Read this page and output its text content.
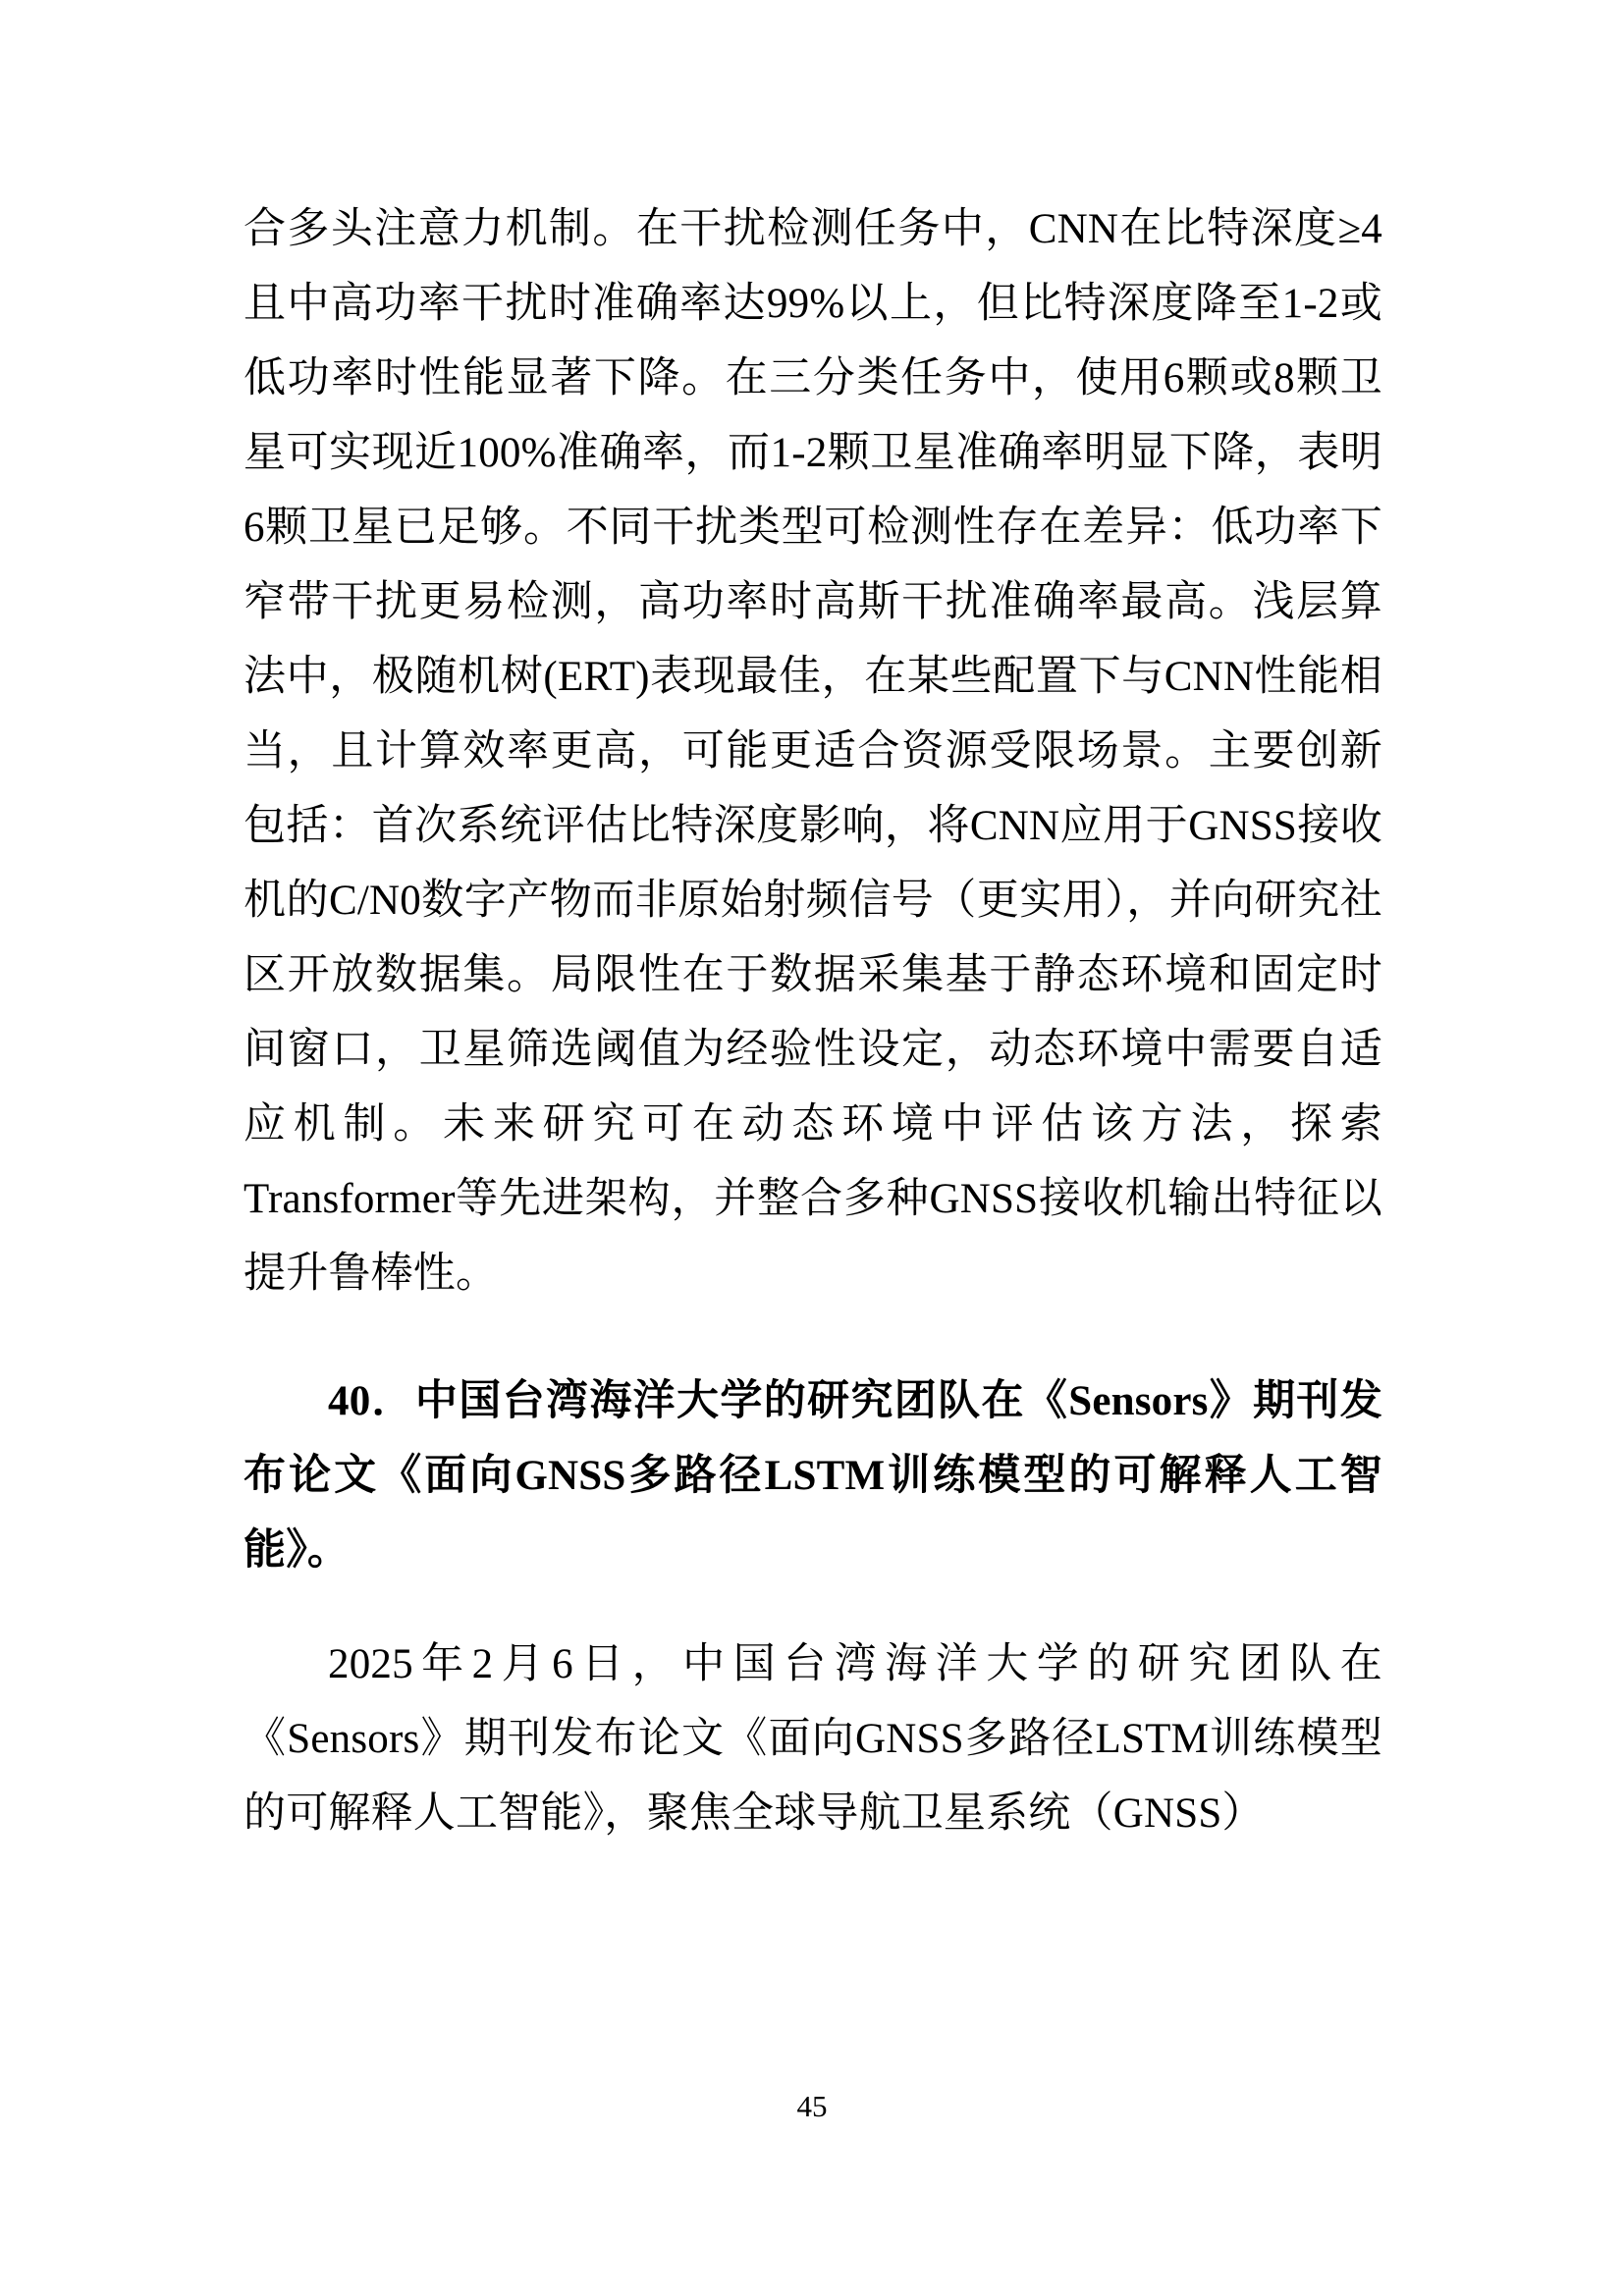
合多头注意力机制。在干扰检测任务中，CNN在比特深度≥4且中高功率干扰时准确率达99%以上，但比特深度降至1-2或低功率时性能显著下降。在三分类任务中，使用6颗或8颗卫星可实现近100%准确率，而1-2颗卫星准确率明显下降，表明6颗卫星已足够。不同干扰类型可检测性存在差异：低功率下窄带干扰更易检测，高功率时高斯干扰准确率最高。浅层算法中，极随机树(ERT)表现最佳，在某些配置下与CNN性能相当，且计算效率更高，可能更适合资源受限场景。主要创新包括：首次系统评估比特深度影响，将CNN应用于GNSS接收机的C/N0数字产物而非原始射频信号（更实用），并向研究社区开放数据集。局限性在于数据采集基于静态环境和固定时间窗口，卫星筛选阈值为经验性设定，动态环境中需要自适应机制。未来研究可在动态环境中评估该方法，探索Transformer等先进架构，并整合多种GNSS接收机输出特征以提升鲁棒性。

40．中国台湾海洋大学的研究团队在《Sensors》期刊发布论文《面向GNSS多路径LSTM训练模型的可解释人工智能》。

2025年2月6日，中国台湾海洋大学的研究团队在《Sensors》期刊发布论文《面向GNSS多路径LSTM训练模型的可解释人工智能》，聚焦全球导航卫星系统（GNSS）

45
